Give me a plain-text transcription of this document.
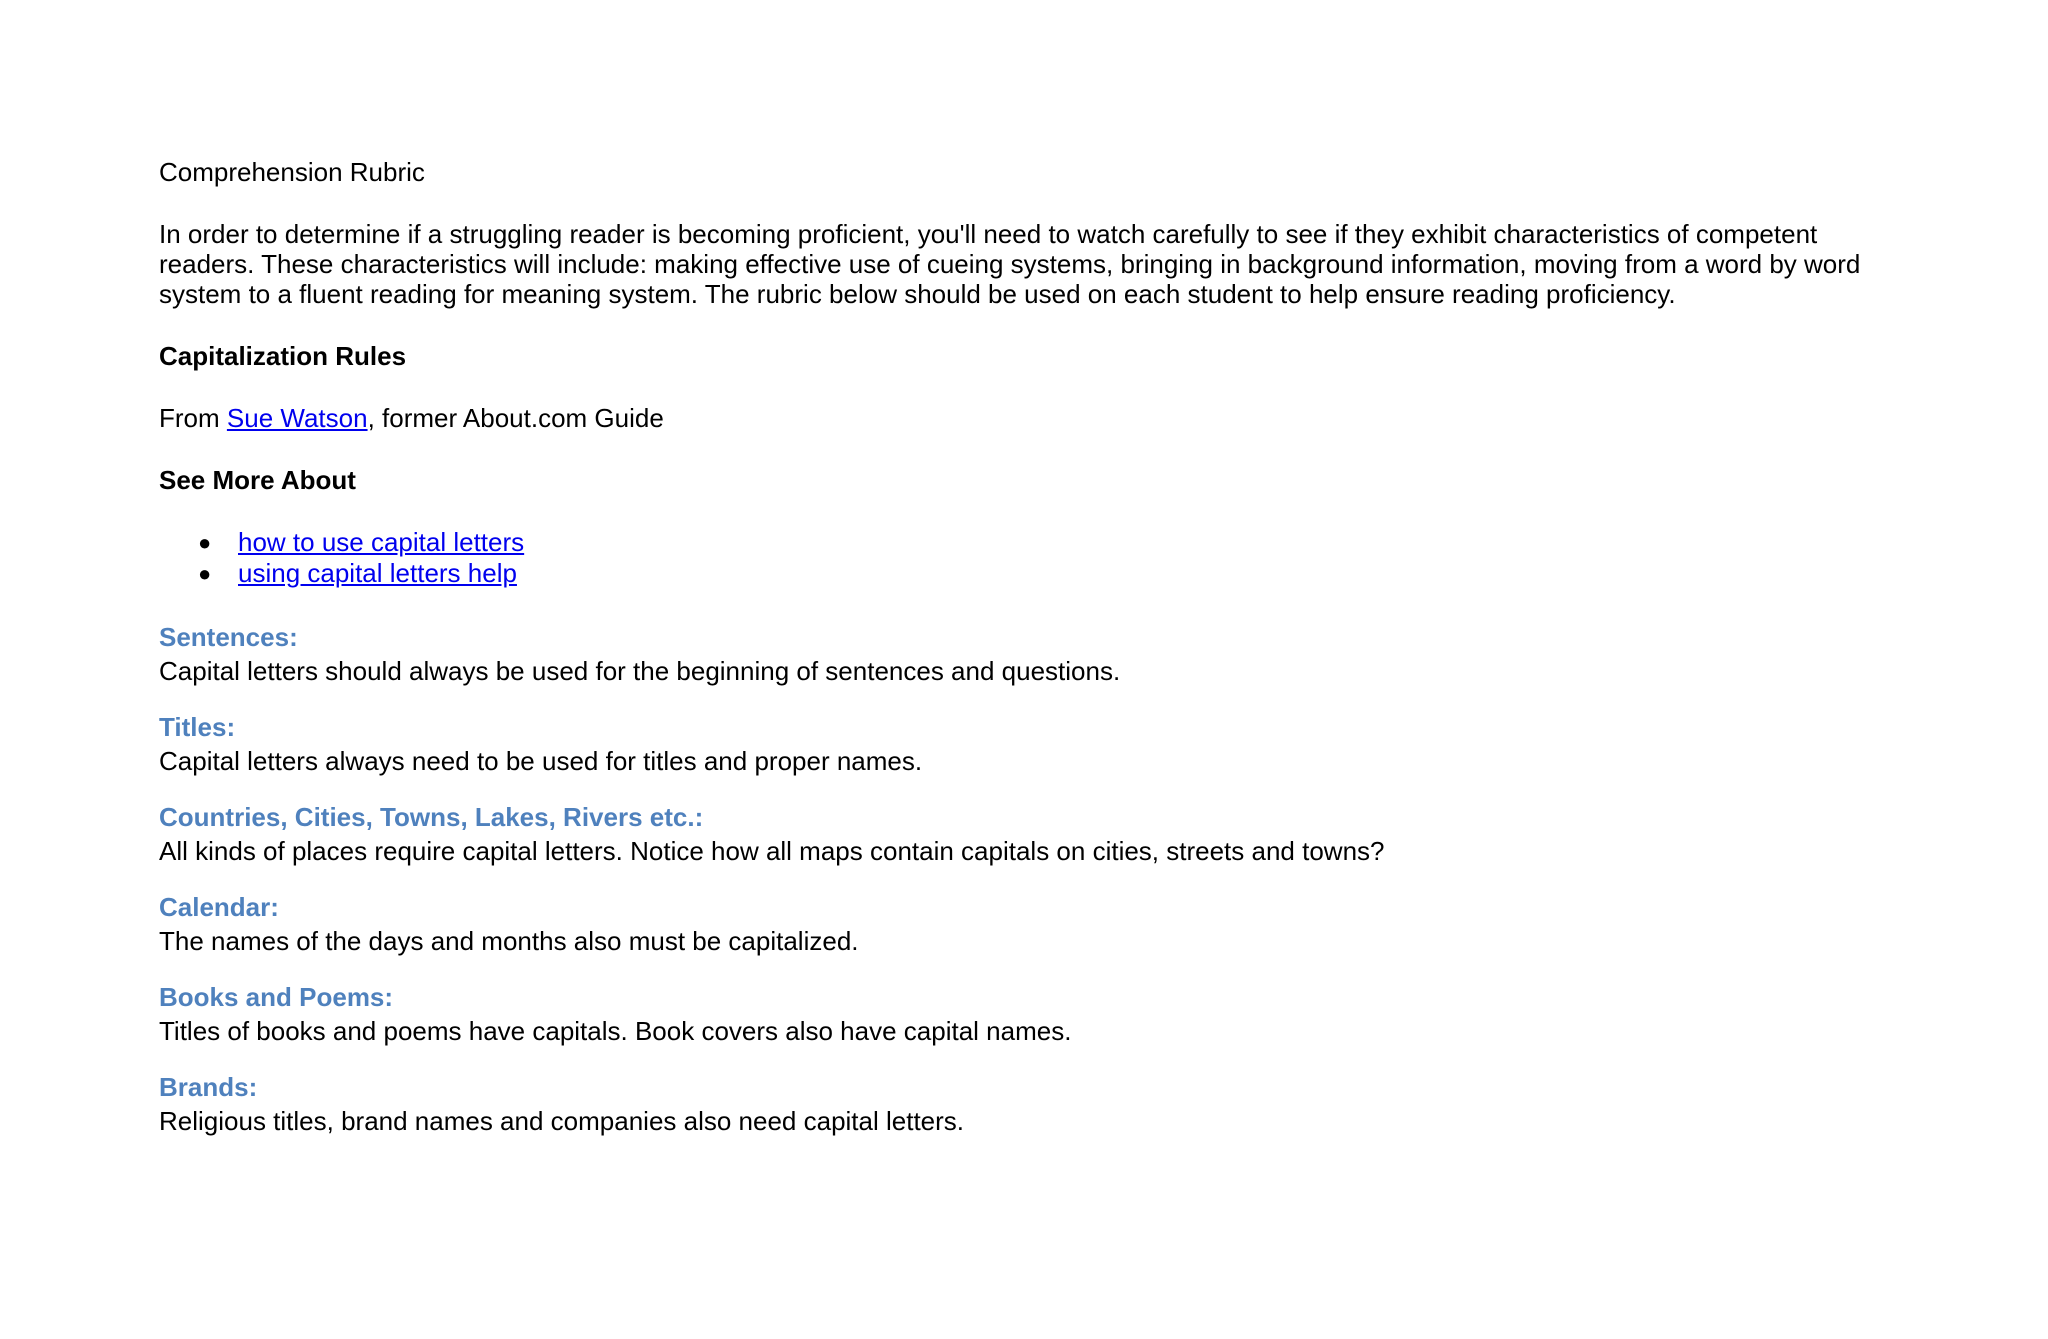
Comprehension Rubric

In order to determine if a struggling reader is becoming proficient, you'll need to watch carefully to see if they exhibit characteristics of competent readers. These characteristics will include: making effective use of cueing systems, bringing in background information, moving from a word by word system to a fluent reading for meaning system. The rubric below should be used on each student to help ensure reading proficiency.

Capitalization Rules

From Sue Watson, former About.com Guide

See More About

● how to use capital letters
● using capital letters help
Sentences:
Capital letters should always be used for the beginning of sentences and questions.
Titles:
Capital letters always need to be used for titles and proper names.
Countries, Cities, Towns, Lakes, Rivers etc.:
All kinds of places require capital letters. Notice how all maps contain capitals on cities, streets and towns?
Calendar:
The names of the days and months also must be capitalized.
Books and Poems:
Titles of books and poems have capitals. Book covers also have capital names.
Brands:
Religious titles, brand names and companies also need capital letters.
